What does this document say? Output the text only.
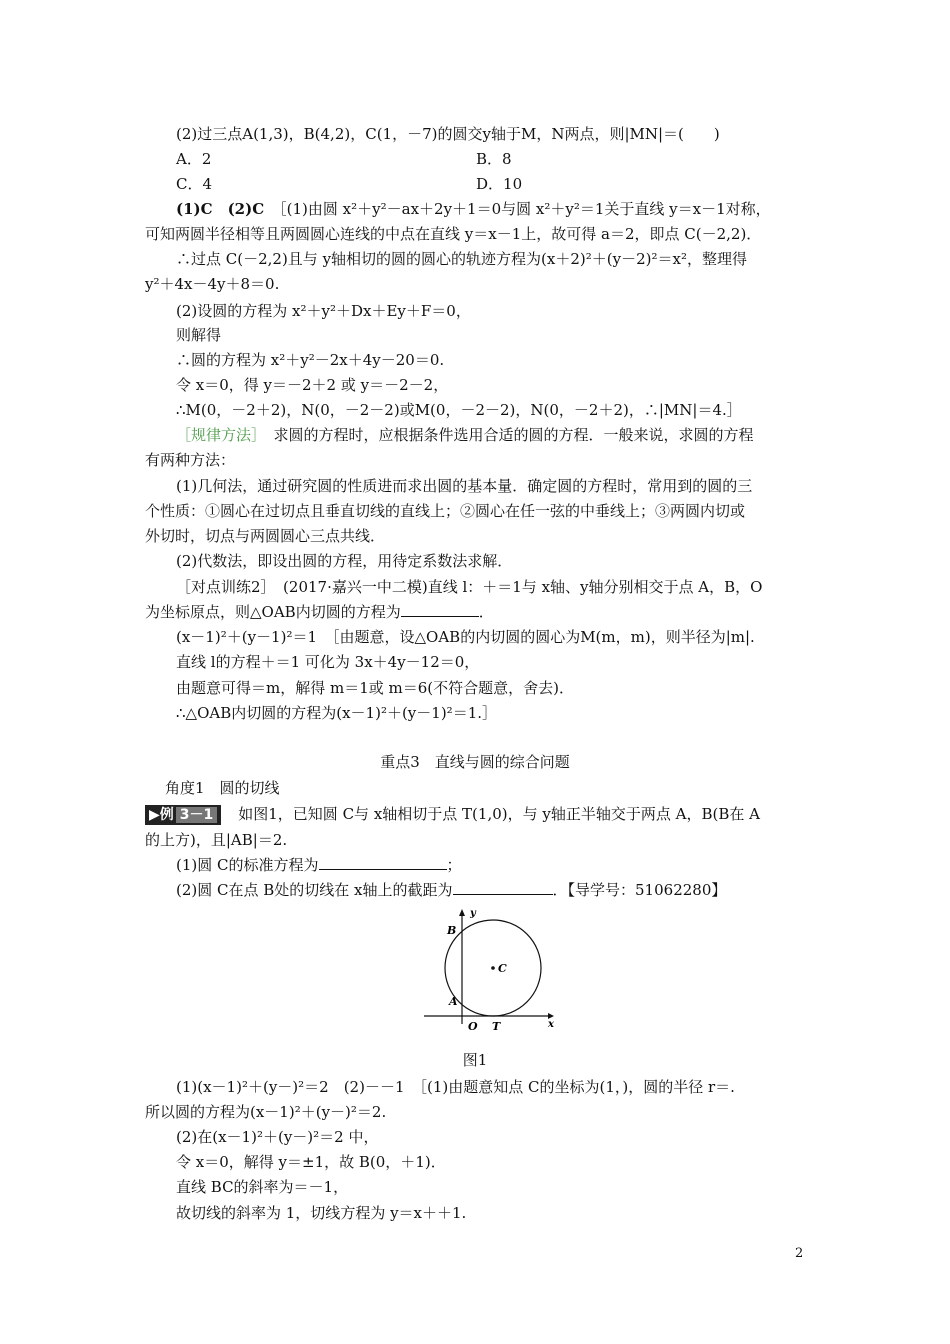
(2)过三点A(1,3)，B(4,2)，C(1，－7)的圆交y轴于M，N两点，则|MN|＝(　　)
A．2	B．8
C．4	D．10
(1)C　(2)C　 ［(1)由圆 x²＋y²－ax＋2y＋1＝0与圆 x²＋y²＝1关于直线 y＝x－1对称，
可知两圆半径相等且两圆圆心连线的中点在直线 y＝x－1上，故可得 a＝2，即点 C(－2,2)．
∴过点 C(－2,2)且与 y轴相切的圆的圆心的轨迹方程为(x＋2)²＋(y－2)²＝x²，整理得
y²＋4x－4y＋8＝0.
(2)设圆的方程为 x²＋y²＋Dx＋Ey＋F＝0，
则解得
∴圆的方程为 x²＋y²－2x＋4y－20＝0.
令 x＝0，得 y＝－2＋2 或 y＝－2－2，
∴M(0，－2＋2)，N(0，－2－2)或M(0，－2－2)，N(0，－2＋2)，∴|MN|＝4.］
［规律方法］　求圆的方程时，应根据条件选用合适的圆的方程．一般来说，求圆的方程
有两种方法：
(1)几何法，通过研究圆的性质进而求出圆的基本量．确定圆的方程时，常用到的圆的三
个性质：①圆心在过切点且垂直切线的直线上；②圆心在任一弦的中垂线上；③两圆内切或
外切时，切点与两圆圆心三点共线．
(2)代数法，即设出圆的方程，用待定系数法求解．
［对点训练2］　(2017·嘉兴一中二模)直线 l：＋＝1与 x轴、y轴分别相交于点 A，B，O
为坐标原点，则△OAB内切圆的方程为	．
(x－1)²＋(y－1)²＝1　［由题意，设△OAB的内切圆的圆心为M(m，m)，则半径为|m|.
直线 l的方程＋＝1 可化为 3x＋4y－12＝0，
由题意可得＝m，解得 m＝1或 m＝6(不符合题意，舍去)．
∴△OAB内切圆的方程为(x－1)²＋(y－1)²＝1.］
重点3　直线与圆的综合问题
角度1　圆的切线
▶例 3－1　如图1，已知圆 C与 x轴相切于点 T(1,0)，与 y轴正半轴交于两点 A，B(B在 A
的上方)，且|AB|＝2.
(1)圆 C的标准方程为	；
(2)圆 C在点 B处的切线在 x轴上的截距为	．【导学号：51062280】
y
x
B
A
O T
C
图1
(1)(x－1)²＋(y－)²＝2　(2)－－1　［(1)由题意知点 C的坐标为(1，)，圆的半径 r＝.
所以圆的方程为(x－1)²＋(y－)²＝2.
(2)在(x－1)²＋(y－)²＝2 中，
令 x＝0，解得 y＝±1，故 B(0，＋1)．
直线 BC的斜率为＝－1，
故切线的斜率为 1，切线方程为 y＝x＋＋1.
2
